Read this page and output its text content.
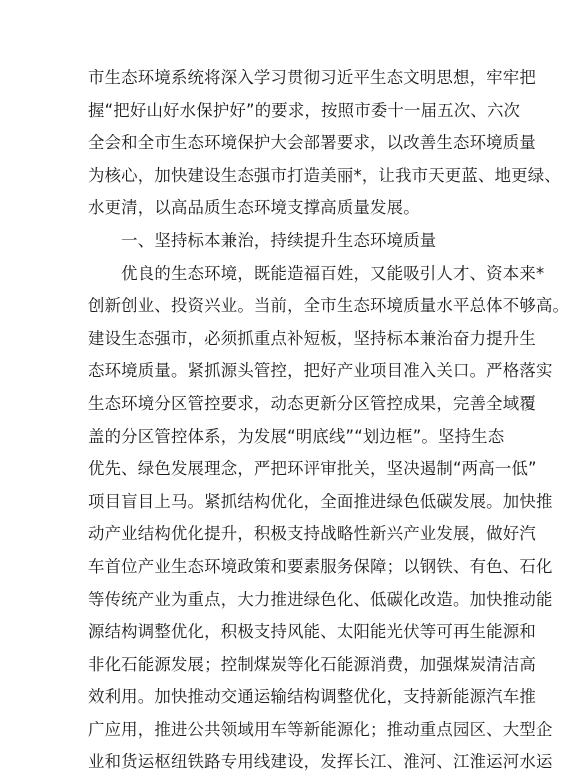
市生态环境系统将深入学习贯彻习近平生态文明思想，牢牢把
握“把好山好水保护好”的要求，按照市委十一届五次、六次
全会和全市生态环境保护大会部署要求，以改善生态环境质量
为核心，加快建设生态强市打造美丽*，让我市天更蓝、地更绿、
水更清，以高品质生态环境支撑高质量发展。
　　一、坚持标本兼治，持续提升生态环境质量
　　优良的生态环境，既能造福百姓，又能吸引人才、资本来*
创新创业、投资兴业。当前，全市生态环境质量水平总体不够高。
建设生态强市，必须抓重点补短板，坚持标本兼治奋力提升生
态环境质量。紧抓源头管控，把好产业项目准入关口。严格落实
生态环境分区管控要求，动态更新分区管控成果，完善全域覆
盖的分区管控体系，为发展“明底线”“划边框”。坚持生态
优先、绿色发展理念，严把环评审批关，坚决遏制“两高一低”
项目盲目上马。紧抓结构优化，全面推进绿色低碳发展。加快推
动产业结构优化提升，积极支持战略性新兴产业发展，做好汽
车首位产业生态环境政策和要素服务保障；以钢铁、有色、石化
等传统产业为重点，大力推进绿色化、低碳化改造。加快推动能
源结构调整优化，积极支持风能、太阳能光伏等可再生能源和
非化石能源发展；控制煤炭等化石能源消费，加强煤炭清洁高
效利用。加快推动交通运输结构调整优化，支持新能源汽车推
广应用，推进公共领域用车等新能源化；推动重点园区、大型企
业和货运枢纽铁路专用线建设，发挥长江、淮河、江淮运河水运
